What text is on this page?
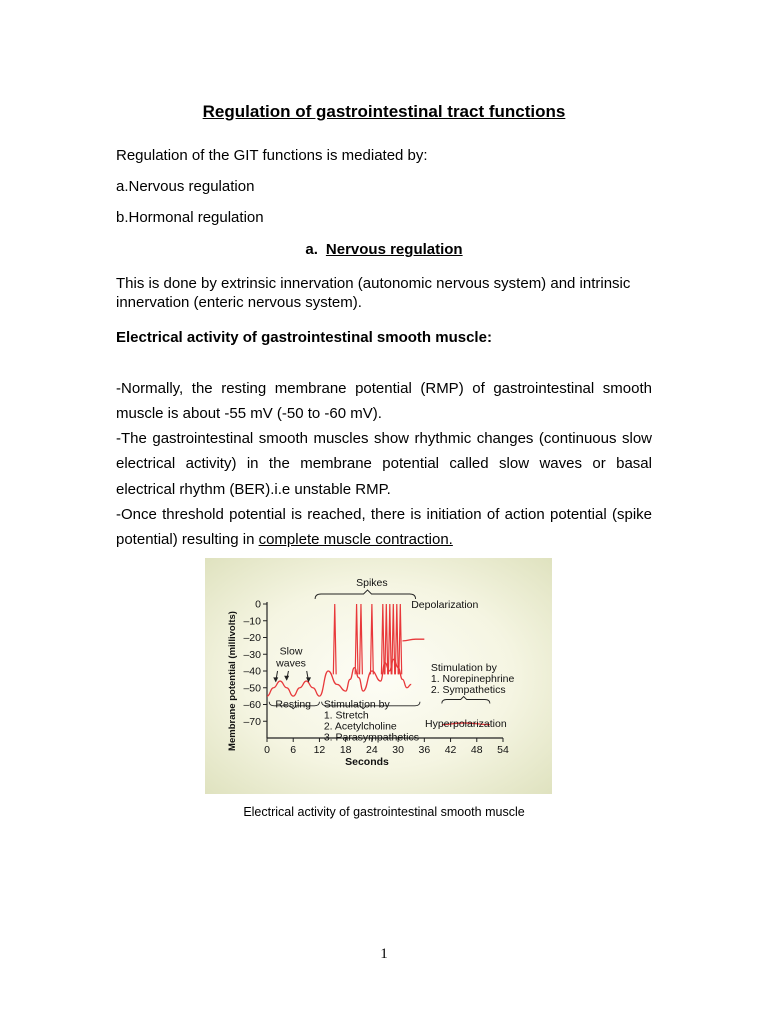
Regulation of gastrointestinal tract functions
Regulation of the GIT functions is mediated by:
a.Nervous regulation
b.Hormonal regulation
a. Nervous regulation
This is done by extrinsic innervation (autonomic nervous system) and intrinsic innervation (enteric nervous system).
Electrical activity of gastrointestinal smooth muscle:
-Normally, the resting membrane potential (RMP) of gastrointestinal smooth muscle is about -55 mV (-50 to -60 mV).
-The gastrointestinal smooth muscles show rhythmic changes (continuous slow electrical activity) in the membrane potential called slow waves or basal electrical rhythm (BER).i.e unstable RMP.
-Once threshold potential is reached, there is initiation of action potential (spike potential) resulting in complete muscle contraction.
0
–10
–20
–30
–40
–50
–60
–70
0 6 12 18 24 30 36 42 48 54
Seconds
Membrane potential (millivolts)
Spikes
Depolarization
Slow
waves
Resting Stimulation by
1. Stretch
2. Acetylcholine
3. Parasympathetics
Stimulation by
1. Norepinephrine
2. Sympathetics
Hyperpolarization
Electrical activity of gastrointestinal smooth muscle
1
